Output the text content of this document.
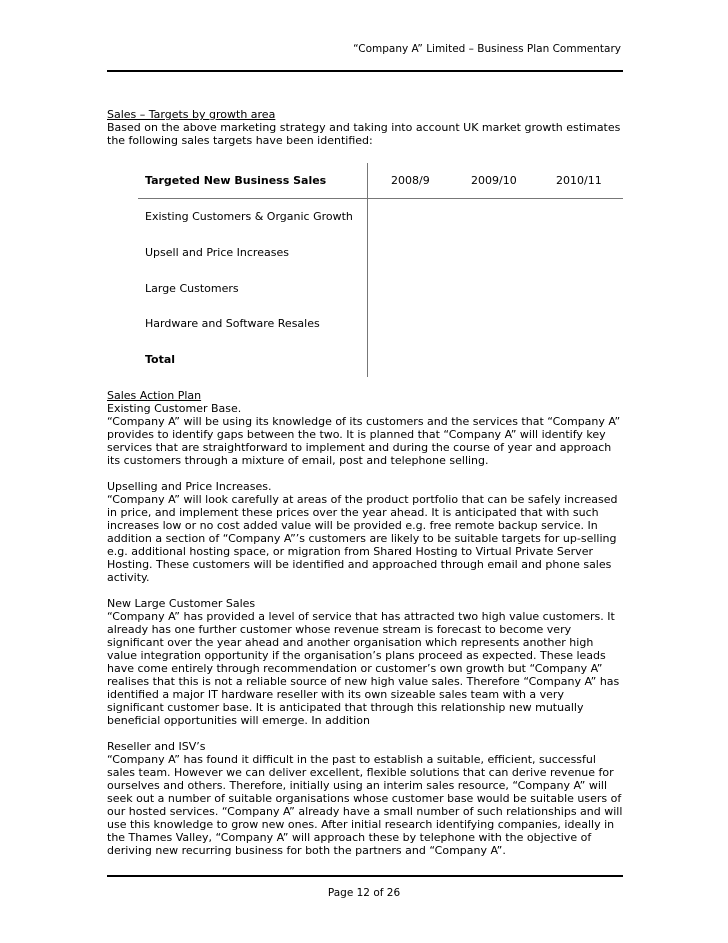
“Company A” Limited – Business Plan Commentary

Sales – Targets by growth area

Based on the above marketing strategy and taking into account UK market growth estimates the following sales targets have been identified:

Targeted New Business Sales	2008/9	2009/10	2010/11
Existing Customers & Organic Growth
Upsell and Price Increases
Large Customers
Hardware and Software Resales
Total

Sales Action Plan

Existing Customer Base.

“Company A” will be using its knowledge of its customers and the services that “Company A” provides to identify gaps between the two. It is planned that “Company A” will identify key services that are straightforward to implement and during the course of year and approach its customers through a mixture of email, post and telephone selling.

Upselling and Price Increases.

“Company A” will look carefully at areas of the product portfolio that can be safely increased in price, and implement these prices over the year ahead. It is anticipated that with such increases low or no cost added value will be provided e.g. free remote backup service. In addition a section of “Company A”’s customers are likely to be suitable targets for up-selling e.g. additional hosting space, or migration from Shared Hosting to Virtual Private Server Hosting. These customers will be identified and approached through email and phone sales activity.

New Large Customer Sales

“Company A” has provided a level of service that has attracted two high value customers. It already has one further customer whose revenue stream is forecast to become very significant over the year ahead and another organisation which represents another high value integration opportunity if the organisation’s plans proceed as expected. These leads have come entirely through recommendation or customer’s own growth but “Company A” realises that this is not a reliable source of new high value sales. Therefore “Company A” has identified a major IT hardware reseller with its own sizeable sales team with a very significant customer base. It is anticipated that through this relationship new mutually beneficial opportunities will emerge. In addition

Reseller and ISV’s

“Company A” has found it difficult in the past to establish a suitable, efficient, successful sales team. However we can deliver excellent, flexible solutions that can derive revenue for ourselves and others. Therefore, initially using an interim sales resource, “Company A” will seek out a number of suitable organisations whose customer base would be suitable users of our hosted services. “Company A” already have a small number of such relationships and will use this knowledge to grow new ones. After initial research identifying companies, ideally in the Thames Valley, “Company A” will approach these by telephone with the objective of deriving new recurring business for both the partners and “Company A”.

Page 12 of 26
